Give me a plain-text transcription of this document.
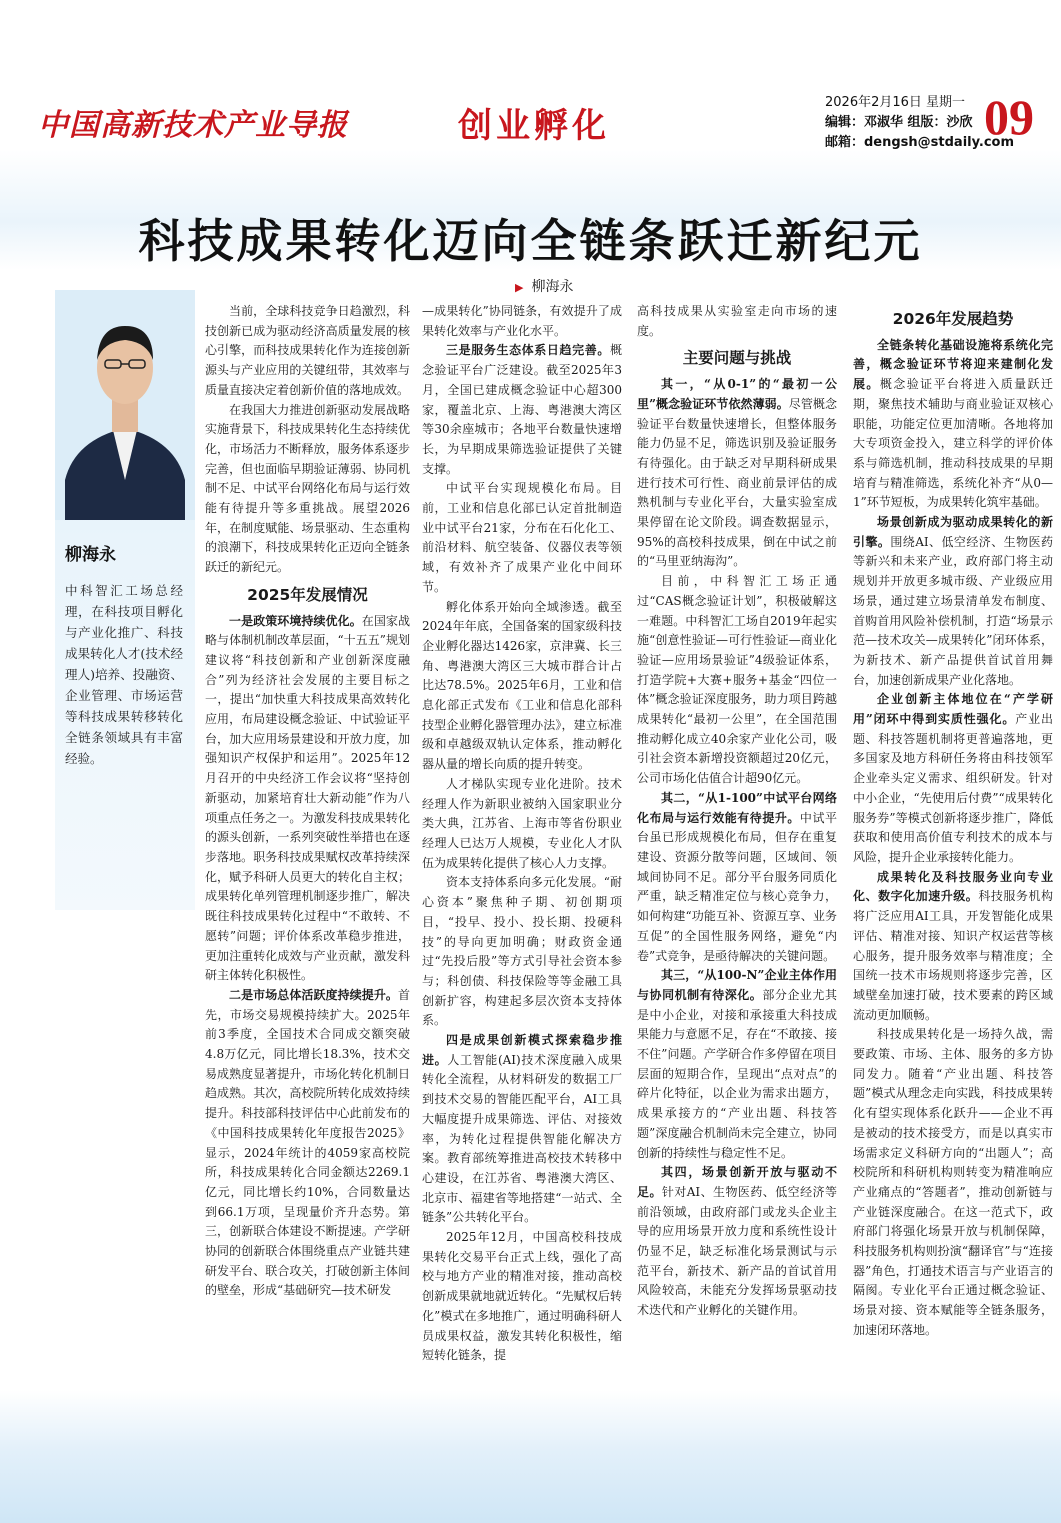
中国高新技术产业导报	创业孵化
2026年2月16日 星期一
编辑：邓淑华 组版：沙欣
邮箱：dengsh@stdaily.com
09
科技成果转化迈向全链条跃迁新纪元
▶ 柳海永
柳海永
中科智汇工场总经理，在科技项目孵化与产业化推广、科技成果转化人才(技术经理人)培养、投融资、企业管理、市场运营等科技成果转移转化全链条领域具有丰富经验。

当前，全球科技竞争日趋激烈，科技创新已成为驱动经济高质量发展的核心引擎，而科技成果转化作为连接创新源头与产业应用的关键纽带，其效率与质量直接决定着创新价值的落地成效。

在我国大力推进创新驱动发展战略实施背景下，科技成果转化生态持续优化，市场活力不断释放，服务体系逐步完善，但也面临早期验证薄弱、协同机制不足、中试平台网络化布局与运行效能有待提升等多重挑战。展望2026年，在制度赋能、场景驱动、生态重构的浪潮下，科技成果转化正迈向全链条跃迁的新纪元。

2025年发展情况

一是政策环境持续优化。在国家战略与体制机制改革层面，“十五五”规划建议将“科技创新和产业创新深度融合”列为经济社会发展的主要目标之一，提出“加快重大科技成果高效转化应用，布局建设概念验证、中试验证平台，加大应用场景建设和开放力度，加强知识产权保护和运用”。2025年12月召开的中央经济工作会议将“坚持创新驱动，加紧培育壮大新动能”作为八项重点任务之一。为激发科技成果转化的源头创新，一系列突破性举措也在逐步落地。职务科技成果赋权改革持续深化，赋予科研人员更大的转化自主权；成果转化单列管理机制逐步推广，解决既往科技成果转化过程中“不敢转、不愿转”问题；评价体系改革稳步推进，更加注重转化成效与产业贡献，激发科研主体转化积极性。

二是市场总体活跃度持续提升。首先，市场交易规模持续扩大。2025年前3季度，全国技术合同成交额突破4.8万亿元，同比增长18.3%，技术交易成熟度显著提升，市场化转化机制日趋成熟。其次，高校院所转化成效持续提升。科技部科技评估中心此前发布的《中国科技成果转化年度报告2025》显示，2024年统计的4059家高校院所，科技成果转化合同金额达2269.1亿元，同比增长约10%，合同数量达到66.1万项，呈现量价齐升态势。第三，创新联合体建设不断提速。产学研协同的创新联合体围绕重点产业链共建研发平台、联合攻关，打破创新主体间的壁垒，形成“基础研究—技术研发

—成果转化”协同链条，有效提升了成果转化效率与产业化水平。

三是服务生态体系日趋完善。概念验证平台广泛建设。截至2025年3月，全国已建成概念验证中心超300家，覆盖北京、上海、粤港澳大湾区等30余座城市；各地平台数量快速增长，为早期成果筛选验证提供了关键支撑。

中试平台实现规模化布局。目前，工业和信息化部已认定首批制造业中试平台21家，分布在石化化工、前沿材料、航空装备、仪器仪表等领域，有效补齐了成果产业化中间环节。

孵化体系开始向全域渗透。截至2024年年底，全国备案的国家级科技企业孵化器达1426家，京津冀、长三角、粤港澳大湾区三大城市群合计占比达78.5%。2025年6月，工业和信息化部正式发布《工业和信息化部科技型企业孵化器管理办法》，建立标准级和卓越级双轨认定体系，推动孵化器从量的增长向质的提升转变。

人才梯队实现专业化进阶。技术经理人作为新职业被纳入国家职业分类大典，江苏省、上海市等省份职业经理人已达万人规模，专业化人才队伍为成果转化提供了核心人力支撑。

资本支持体系向多元化发展。“耐心资本”聚焦种子期、初创期项目，“投早、投小、投长期、投硬科技”的导向更加明确；财政资金通过“先投后股”等方式引导社会资本参与；科创债、科技保险等等金融工具创新扩容，构建起多层次资本支持体系。

四是成果创新模式探索稳步推进。人工智能(AI)技术深度融入成果转化全流程，从材料研发的数据工厂到技术交易的智能匹配平台，AI工具大幅度提升成果筛选、评估、对接效率，为转化过程提供智能化解决方案。教育部统筹推进高校技术转移中心建设，在江苏省、粤港澳大湾区、北京市、福建省等地搭建“一站式、全链条”公共转化平台。

2025年12月，中国高校科技成果转化交易平台正式上线，强化了高校与地方产业的精准对接，推动高校创新成果就地就近转化。“先赋权后转化”模式在多地推广，通过明确科研人员成果权益，激发其转化积极性，缩短转化链条，提

高科技成果从实验室走向市场的速度。

主要问题与挑战

其一，“从0-1”的“最初一公里”概念验证环节依然薄弱。尽管概念验证平台数量快速增长，但整体服务能力仍显不足，筛选识别及验证服务有待强化。由于缺乏对早期科研成果进行技术可行性、商业前景评估的成熟机制与专业化平台，大量实验室成果停留在论文阶段。调查数据显示，95%的高校科技成果，倒在中试之前的“马里亚纳海沟”。

目前，中科智汇工场正通过“CAS概念验证计划”，积极破解这一难题。中科智汇工场自2019年起实施“创意性验证—可行性验证—商业化验证—应用场景验证”4级验证体系，打造学院+大赛+服务+基金“四位一体”概念验证深度服务，助力项目跨越成果转化“最初一公里”，在全国范围推动孵化成立40余家产业化公司，吸引社会资本新增投资额超过20亿元，公司市场化估值合计超90亿元。

其二，“从1-100”中试平台网络化布局与运行效能有待提升。中试平台虽已形成规模化布局，但存在重复建设、资源分散等问题，区域间、领域间协同不足。部分平台服务同质化严重，缺乏精准定位与核心竞争力，如何构建“功能互补、资源互享、业务互促”的全国性服务网络，避免“内卷”式竞争，是亟待解决的关键问题。

其三，“从100-N”企业主体作用与协同机制有待深化。部分企业尤其是中小企业，对接和承接重大科技成果能力与意愿不足，存在“不敢接、接不住”问题。产学研合作多停留在项目层面的短期合作，呈现出“点对点”的碎片化特征，以企业为需求出题方，成果承接方的“产业出题、科技答题”深度融合机制尚未完全建立，协同创新的持续性与稳定性不足。

其四，场景创新开放与驱动不足。针对AI、生物医药、低空经济等前沿领域，由政府部门或龙头企业主导的应用场景开放力度和系统性设计仍显不足，缺乏标准化场景测试与示范平台，新技术、新产品的首试首用风险较高，未能充分发挥场景驱动技术迭代和产业孵化的关键作用。

2026年发展趋势

全链条转化基础设施将系统化完善，概念验证环节将迎来建制化发展。概念验证平台将进入质量跃迁期，聚焦技术辅助与商业验证双核心职能，功能定位更加清晰。各地将加大专项资金投入，建立科学的评价体系与筛选机制，推动科技成果的早期培育与精准筛选，系统化补齐“从0—1”环节短板，为成果转化筑牢基础。

场景创新成为驱动成果转化的新引擎。围绕AI、低空经济、生物医药等新兴和未来产业，政府部门将主动规划并开放更多城市级、产业级应用场景，通过建立场景清单发布制度、首购首用风险补偿机制，打造“场景示范—技术攻关—成果转化”闭环体系，为新技术、新产品提供首试首用舞台，加速创新成果产业化落地。

企业创新主体地位在“产学研用”闭环中得到实质性强化。产业出题、科技答题机制将更普遍落地，更多国家及地方科研任务将由科技领军企业牵头定义需求、组织研发。针对中小企业，“先使用后付费”“成果转化服务券”等模式创新将逐步推广，降低获取和使用高价值专利技术的成本与风险，提升企业承接转化能力。

成果转化及科技服务业向专业化、数字化加速升级。科技服务机构将广泛应用AI工具，开发智能化成果评估、精准对接、知识产权运营等核心服务，提升服务效率与精准度；全国统一技术市场规则将逐步完善，区域壁垒加速打破，技术要素的跨区域流动更加顺畅。

科技成果转化是一场持久战，需要政策、市场、主体、服务的多方协同发力。随着“产业出题、科技答题”模式从理念走向实践，科技成果转化有望实现体系化跃升——企业不再是被动的技术接受方，而是以真实市场需求定义科研方向的“出题人”；高校院所和科研机构则转变为精准响应产业痛点的“答题者”，推动创新链与产业链深度融合。在这一范式下，政府部门将强化场景开放与机制保障，科技服务机构则扮演“翻译官”与“连接器”角色，打通技术语言与产业语言的隔阂。专业化平台正通过概念验证、场景对接、资本赋能等全链条服务，加速闭环落地。
